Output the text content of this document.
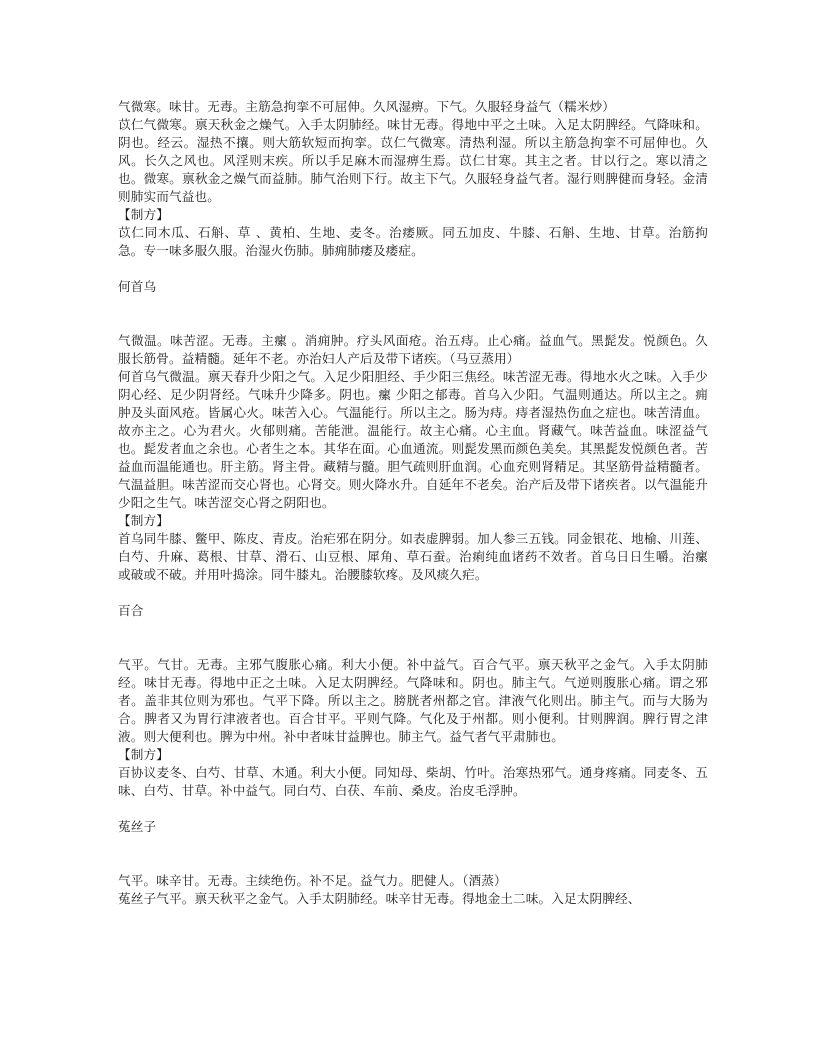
气微寒。味甘。无毒。主筋急拘挛不可屈伸。久风湿痹。下气。久服轻身益气（糯米炒）

苡仁气微寒。禀天秋金之燥气。入手太阴肺经。味甘无毒。得地中平之土味。入足太阴脾经。气降味和。阴也。经云。湿热不攘。则大筋软短而拘挛。苡仁气微寒。清热利湿。所以主筋急拘挛不可屈伸也。久风。长久之风也。风淫则末疾。所以手足麻木而湿痹生焉。苡仁甘寒。其主之者。甘以行之。寒以清之也。微寒。禀秋金之燥气而益肺。肺气治则下行。故主下气。久服轻身益气者。湿行则脾健而身轻。金清则肺实而气益也。

【制方】

苡仁同木瓜、石斛、草 、黄柏、生地、麦冬。治痿厥。同五加皮、牛膝、石斛、生地、甘草。治筋拘急。专一味多服久服。治湿火伤肺。肺痈肺痿及痿症。

何首乌

气微温。味苦涩。无毒。主瘰 。消痈肿。疗头风面疮。治五痔。止心痛。益血气。黑髭发。悦颜色。久服长筋骨。益精髓。延年不老。亦治妇人产后及带下诸疾。（马豆蒸用）

何首乌气微温。禀天春升少阳之气。入足少阳胆经、手少阳三焦经。味苦涩无毒。得地水火之味。入手少阴心经、足少阴肾经。气味升少降多。阴也。瘰 少阳之郁毒。首乌入少阳。气温则通达。所以主之。痈肿及头面风疮。皆属心火。味苦入心。气温能行。所以主之。肠为痔。痔者湿热伤血之症也。味苦清血。故亦主之。心为君火。火郁则痛。苦能泄。温能行。故主心痛。心主血。肾藏气。味苦益血。味涩益气也。髭发者血之余也。心者生之本。其华在面。心血通流。则髭发黑而颜色美矣。其黑髭发悦颜色者。苦益血而温能通也。肝主筋。肾主骨。藏精与髓。胆气疏则肝血润。心血充则肾精足。其坚筋骨益精髓者。气温益胆。味苦涩而交心肾也。心肾交。则火降水升。自延年不老矣。治产后及带下诸疾者。以气温能升少阳之生气。味苦涩交心肾之阴阳也。

【制方】

首乌同牛膝、鳖甲、陈皮、青皮。治疟邪在阴分。如表虚脾弱。加人参三五钱。同金银花、地榆、川莲、白芍、升麻、葛根、甘草、滑石、山豆根、犀角、草石蚕。治痢纯血诸药不效者。首乌日日生嚼。治瘰 或破或不破。并用叶捣涂。同牛膝丸。治腰膝软疼。及风痰久疟。

百合

气平。气甘。无毒。主邪气腹胀心痛。利大小便。补中益气。百合气平。禀天秋平之金气。入手太阴肺经。味甘无毒。得地中正之土味。入足太阴脾经。气降味和。阴也。肺主气。气逆则腹胀心痛。谓之邪者。盖非其位则为邪也。气平下降。所以主之。膀胱者州都之官。津液气化则出。肺主气。而与大肠为合。脾者又为胃行津液者也。百合甘平。平则气降。气化及于州都。则小便利。甘则脾润。脾行胃之津液。则大便利也。脾为中州。补中者味甘益脾也。肺主气。益气者气平肃肺也。

【制方】

百协议麦冬、白芍、甘草、木通。利大小便。同知母、柴胡、竹叶。治寒热邪气。通身疼痛。同麦冬、五味、白芍、甘草。补中益气。同白芍、白茯、车前、桑皮。治皮毛浮肿。

菟丝子

气平。味辛甘。无毒。主续绝伤。补不足。益气力。肥健人。（酒蒸）

菟丝子气平。禀天秋平之金气。入手太阴肺经。味辛甘无毒。得地金土二味。入足太阴脾经、
